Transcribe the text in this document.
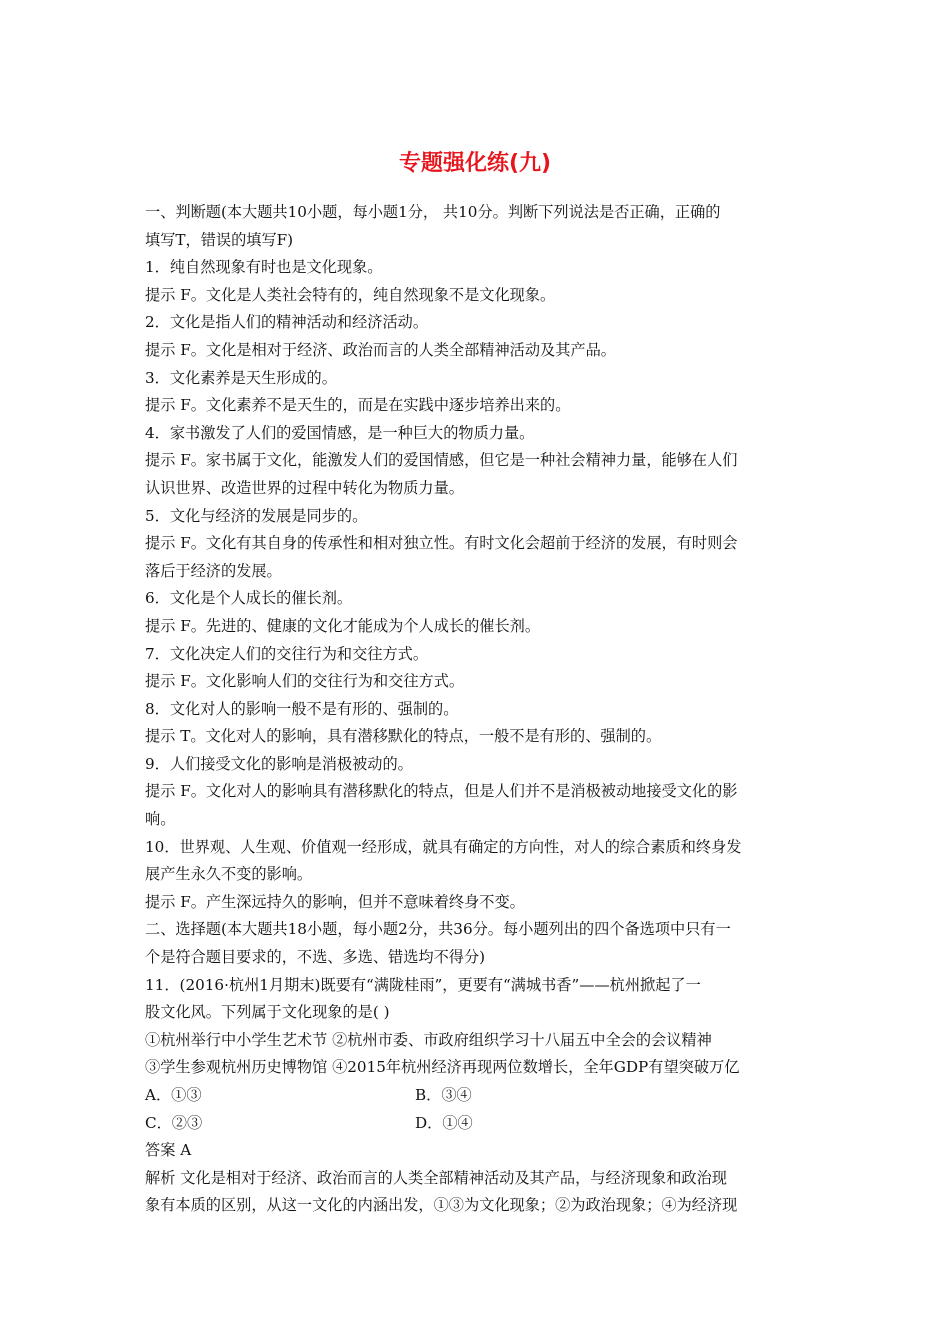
专题强化练(九)
一、判断题(本大题共10小题，每小题1分， 共10分。判断下列说法是否正确，正确的
填写T，错误的填写F)
1．纯自然现象有时也是文化现象。
提示 F。文化是人类社会特有的，纯自然现象不是文化现象。
2．文化是指人们的精神活动和经济活动。
提示 F。文化是相对于经济、政治而言的人类全部精神活动及其产品。
3．文化素养是天生形成的。
提示 F。文化素养不是天生的，而是在实践中逐步培养出来的。
4．家书激发了人们的爱国情感，是一种巨大的物质力量。
提示 F。家书属于文化，能激发人们的爱国情感，但它是一种社会精神力量，能够在人们
认识世界、改造世界的过程中转化为物质力量。
5．文化与经济的发展是同步的。
提示 F。文化有其自身的传承性和相对独立性。有时文化会超前于经济的发展，有时则会
落后于经济的发展。
6．文化是个人成长的催长剂。
提示 F。先进的、健康的文化才能成为个人成长的催长剂。
7．文化决定人们的交往行为和交往方式。
提示 F。文化影响人们的交往行为和交往方式。
8．文化对人的影响一般不是有形的、强制的。
提示 T。文化对人的影响，具有潜移默化的特点，一般不是有形的、强制的。
9．人们接受文化的影响是消极被动的。
提示 F。文化对人的影响具有潜移默化的特点，但是人们并不是消极被动地接受文化的影
响。
10．世界观、人生观、价值观一经形成，就具有确定的方向性，对人的综合素质和终身发
展产生永久不变的影响。
提示 F。产生深远持久的影响，但并不意味着终身不变。
二、选择题(本大题共18小题，每小题2分，共36分。每小题列出的四个备选项中只有一
个是符合题目要求的，不选、多选、错选均不得分)
11．(2016·杭州1月期末)既要有“满陇桂雨”，更要有“满城书香”——杭州掀起了一
股文化风。下列属于文化现象的是( )
①杭州举行中小学生艺术节 ②杭州市委、市政府组织学习十八届五中全会的会议精神
③学生参观杭州历史博物馆 ④2015年杭州经济再现两位数增长，全年GDP有望突破万亿
A．①③	B．③④
C．②③	D．①④
答案 A
解析 文化是相对于经济、政治而言的人类全部精神活动及其产品，与经济现象和政治现
象有本质的区别，从这一文化的内涵出发，①③为文化现象；②为政治现象；④为经济现
